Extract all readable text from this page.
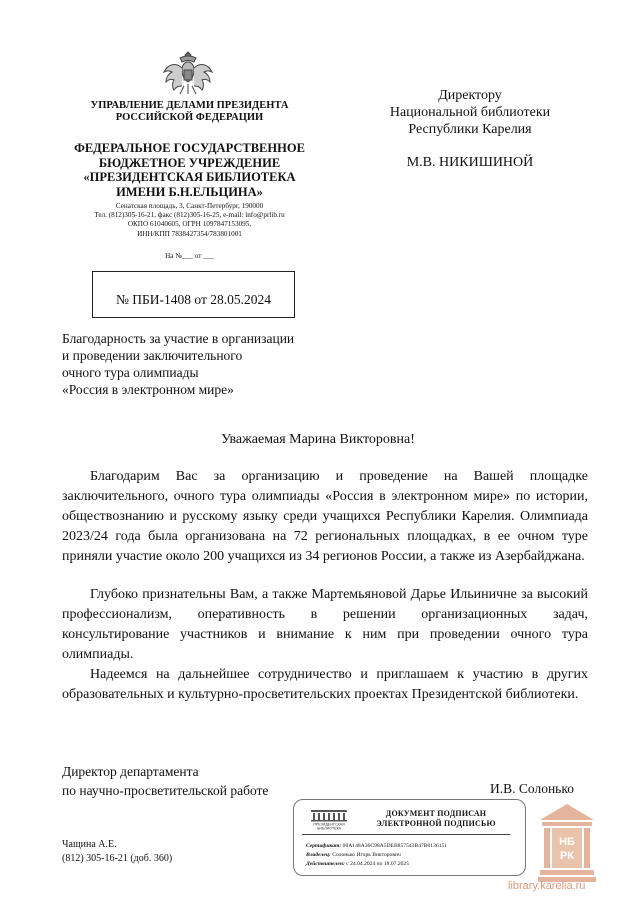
УПРАВЛЕНИЕ ДЕЛАМИ ПРЕЗИДЕНТА
РОССИЙСКОЙ ФЕДЕРАЦИИ
ФЕДЕРАЛЬНОЕ ГОСУДАРСТВЕННОЕ
БЮДЖЕТНОЕ УЧРЕЖДЕНИЕ
«ПРЕЗИДЕНТСКАЯ БИБЛИОТЕКА
ИМЕНИ Б.Н.ЕЛЬЦИНА»
Сенатская площадь, 3, Санкт-Петербург, 190000
Тел. (812)305-16-21, факс (812)305-16-25, e-mail: info@prlib.ru
ОКПО 61040605, ОГРН 1097847153095,
ИНН/КПП 7838427354/783801001
На №___ от ___
№ ПБИ-1408 от 28.05.2024
Директору
Национальной библиотеки
Республики Карелия
М.В. НИКИШИНОЙ
Благодарность за участие в организации
и проведении заключительного
очного тура олимпиады
«Россия в электронном мире»
Уважаемая Марина Викторовна!
Благодарим Вас за организацию и проведение на Вашей площадке заключительного, очного тура олимпиады «Россия в электронном мире» по истории, обществознанию и русскому языку среди учащихся Республики Карелия. Олимпиада 2023/24 года была организована на 72 региональных площадках, в ее очном туре приняли участие около 200 учащихся из 34 регионов России, а также из Азербайджана.
Глубоко признательны Вам, а также Мартемьяновой Дарье Ильиничне за высокий профессионализм, оперативность в решении организационных задач, консультирование участников и внимание к ним при проведении очного тура олимпиады.
Надеемся на дальнейшее сотрудничество и приглашаем к участию в других образовательных и культурно-просветительских проектах Президентской библиотеки.
Директор департамента
по научно-просветительской работе	И.В. Солонько
Чащина А.Е.
(812) 305-16-21 (доб. 360)
ПРЕЗИДЕНТСКАЯ
БИБЛИОТЕКА
ДОКУМЕНТ ПОДПИСАН
ЭЛЕКТРОННОЙ ПОДПИСЬЮ
Сертификат: 00A148A36C98A5DEB857543B47B0136151
Владелец: Солонько Игорь Викторович
Действителен: с 24.04.2024 по 18.07.2025
НБ
РК
library.karelia.ru
